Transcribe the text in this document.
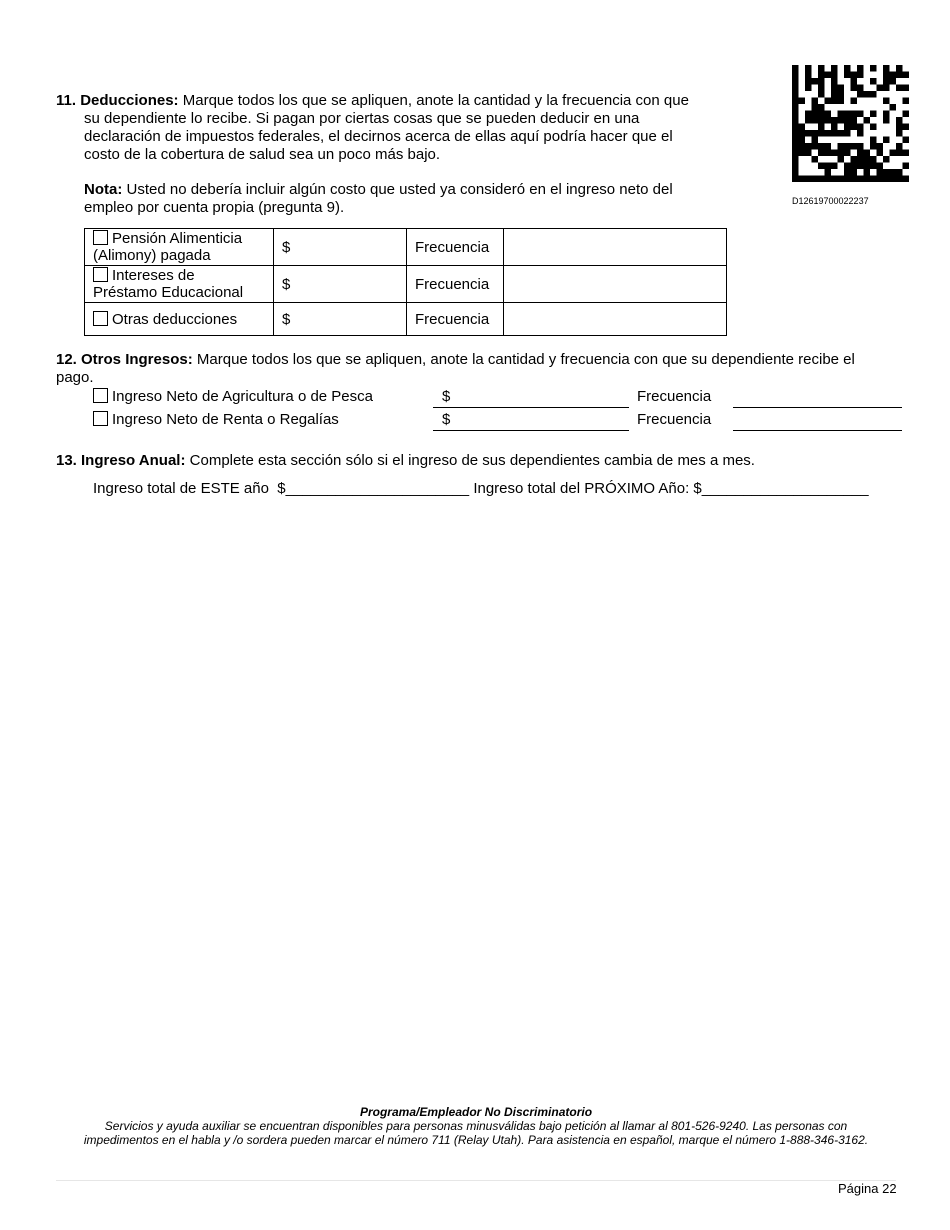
D12619700022237
11. Deducciones: Marque todos los que se apliquen, anote la cantidad y la frecuencia con que su dependiente lo recibe. Si pagan por ciertas cosas que se pueden deducir en una declaración de impuestos federales, el decirnos acerca de ellas aquí podría hacer que el costo de la cobertura de salud sea un poco más bajo.
Nota: Usted no debería incluir algún costo que usted ya consideró en el ingreso neto del empleo por cuenta propia (pregunta 9).
Pensión Alimenticia
(Alimony) pagada	$	Frecuencia	
Intereses de
Préstamo Educacional	$	Frecuencia	
Otras deducciones	$	Frecuencia	
12. Otros Ingresos: Marque todos los que se apliquen, anote la cantidad y frecuencia con que su dependiente recibe el pago.
Ingreso Neto de Agricultura o de Pesca	$	Frecuencia
Ingreso Neto de Renta o Regalías	$	Frecuencia
13. Ingreso Anual: Complete esta sección sólo si el ingreso de sus dependientes cambia de mes a mes.
Ingreso total de ESTE año  $______________________ Ingreso total del PRÓXIMO Año: $____________________
Programa/Empleador No Discriminatorio
Servicios y ayuda auxiliar se encuentran disponibles para personas minusválidas bajo petición al llamar al 801-526-9240. Las personas con
impedimentos en el habla y /o sordera pueden marcar el número 711 (Relay Utah). Para asistencia en español, marque el número 1-888-346-3162.
Página 22
